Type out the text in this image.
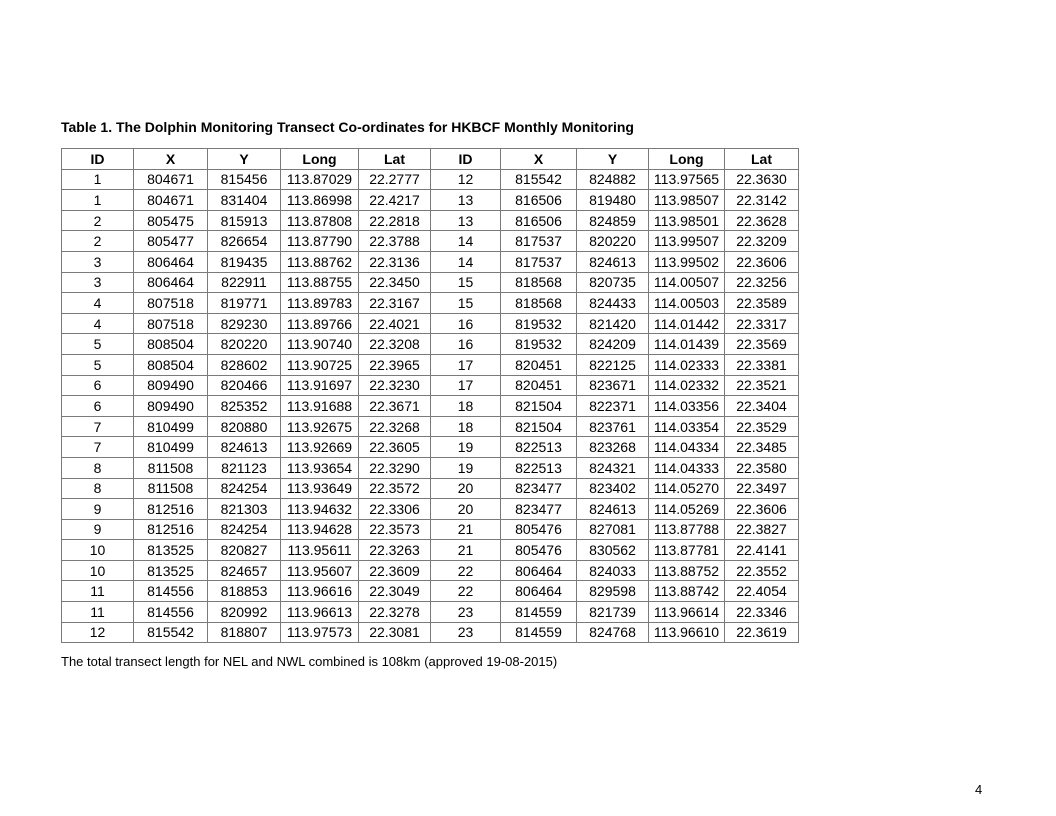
Table 1. The Dolphin Monitoring Transect Co-ordinates for HKBCF Monthly Monitoring
ID	X	Y	Long	Lat	ID	X	Y	Long	Lat
1	804671	815456	113.87029	22.2777	12	815542	824882	113.97565	22.3630
1	804671	831404	113.86998	22.4217	13	816506	819480	113.98507	22.3142
2	805475	815913	113.87808	22.2818	13	816506	824859	113.98501	22.3628
2	805477	826654	113.87790	22.3788	14	817537	820220	113.99507	22.3209
3	806464	819435	113.88762	22.3136	14	817537	824613	113.99502	22.3606
3	806464	822911	113.88755	22.3450	15	818568	820735	114.00507	22.3256
4	807518	819771	113.89783	22.3167	15	818568	824433	114.00503	22.3589
4	807518	829230	113.89766	22.4021	16	819532	821420	114.01442	22.3317
5	808504	820220	113.90740	22.3208	16	819532	824209	114.01439	22.3569
5	808504	828602	113.90725	22.3965	17	820451	822125	114.02333	22.3381
6	809490	820466	113.91697	22.3230	17	820451	823671	114.02332	22.3521
6	809490	825352	113.91688	22.3671	18	821504	822371	114.03356	22.3404
7	810499	820880	113.92675	22.3268	18	821504	823761	114.03354	22.3529
7	810499	824613	113.92669	22.3605	19	822513	823268	114.04334	22.3485
8	811508	821123	113.93654	22.3290	19	822513	824321	114.04333	22.3580
8	811508	824254	113.93649	22.3572	20	823477	823402	114.05270	22.3497
9	812516	821303	113.94632	22.3306	20	823477	824613	114.05269	22.3606
9	812516	824254	113.94628	22.3573	21	805476	827081	113.87788	22.3827
10	813525	820827	113.95611	22.3263	21	805476	830562	113.87781	22.4141
10	813525	824657	113.95607	22.3609	22	806464	824033	113.88752	22.3552
11	814556	818853	113.96616	22.3049	22	806464	829598	113.88742	22.4054
11	814556	820992	113.96613	22.3278	23	814559	821739	113.96614	22.3346
12	815542	818807	113.97573	22.3081	23	814559	824768	113.96610	22.3619
The total transect length for NEL and NWL combined is 108km (approved 19-08-2015)
4
